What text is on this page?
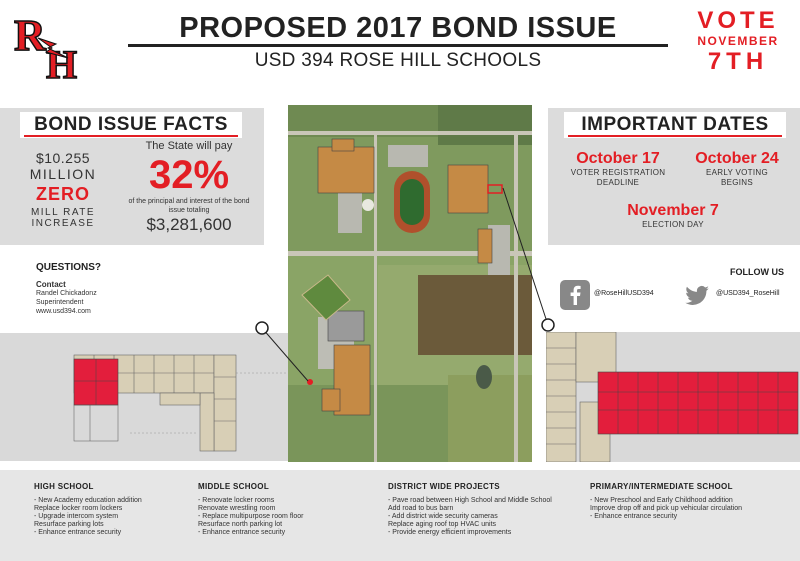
R
H
PROPOSED 2017 BOND ISSUE
USD 394 ROSE HILL SCHOOLS
VOTE
NOVEMBER
7TH
BOND ISSUE FACTS
$10.255
MILLION
ZERO
MILL RATE
INCREASE
The State will pay
32%
of the principal and interest of the bond issue totaling
$3,281,600
IMPORTANT DATES
October 17
VOTER REGISTRATION
DEADLINE
October 24
EARLY VOTING
BEGINS
November 7
ELECTION DAY
QUESTIONS?
Contact
Randel Chickadonz
Superintendent
www.usd394.com
FOLLOW US
@RoseHillUSD394	@USD394_RoseHill
HIGH SCHOOL
- New Academy education addition
Replace locker room lockers
- Upgrade intercom system
Resurface parking lots
- Enhance entrance security
MIDDLE SCHOOL
- Renovate locker rooms
Renovate wrestling room
- Replace multipurpose room floor
Resurface north parking lot
- Enhance entrance security
DISTRICT WIDE PROJECTS
- Pave road between High School and Middle School
Add road to bus barn
- Add district wide security cameras
Replace aging roof top HVAC units
- Provide energy efficient improvements
PRIMARY/INTERMEDIATE SCHOOL
- New Preschool and Early Childhood addition
Improve drop off and pick up vehicular circulation
- Enhance entrance security
